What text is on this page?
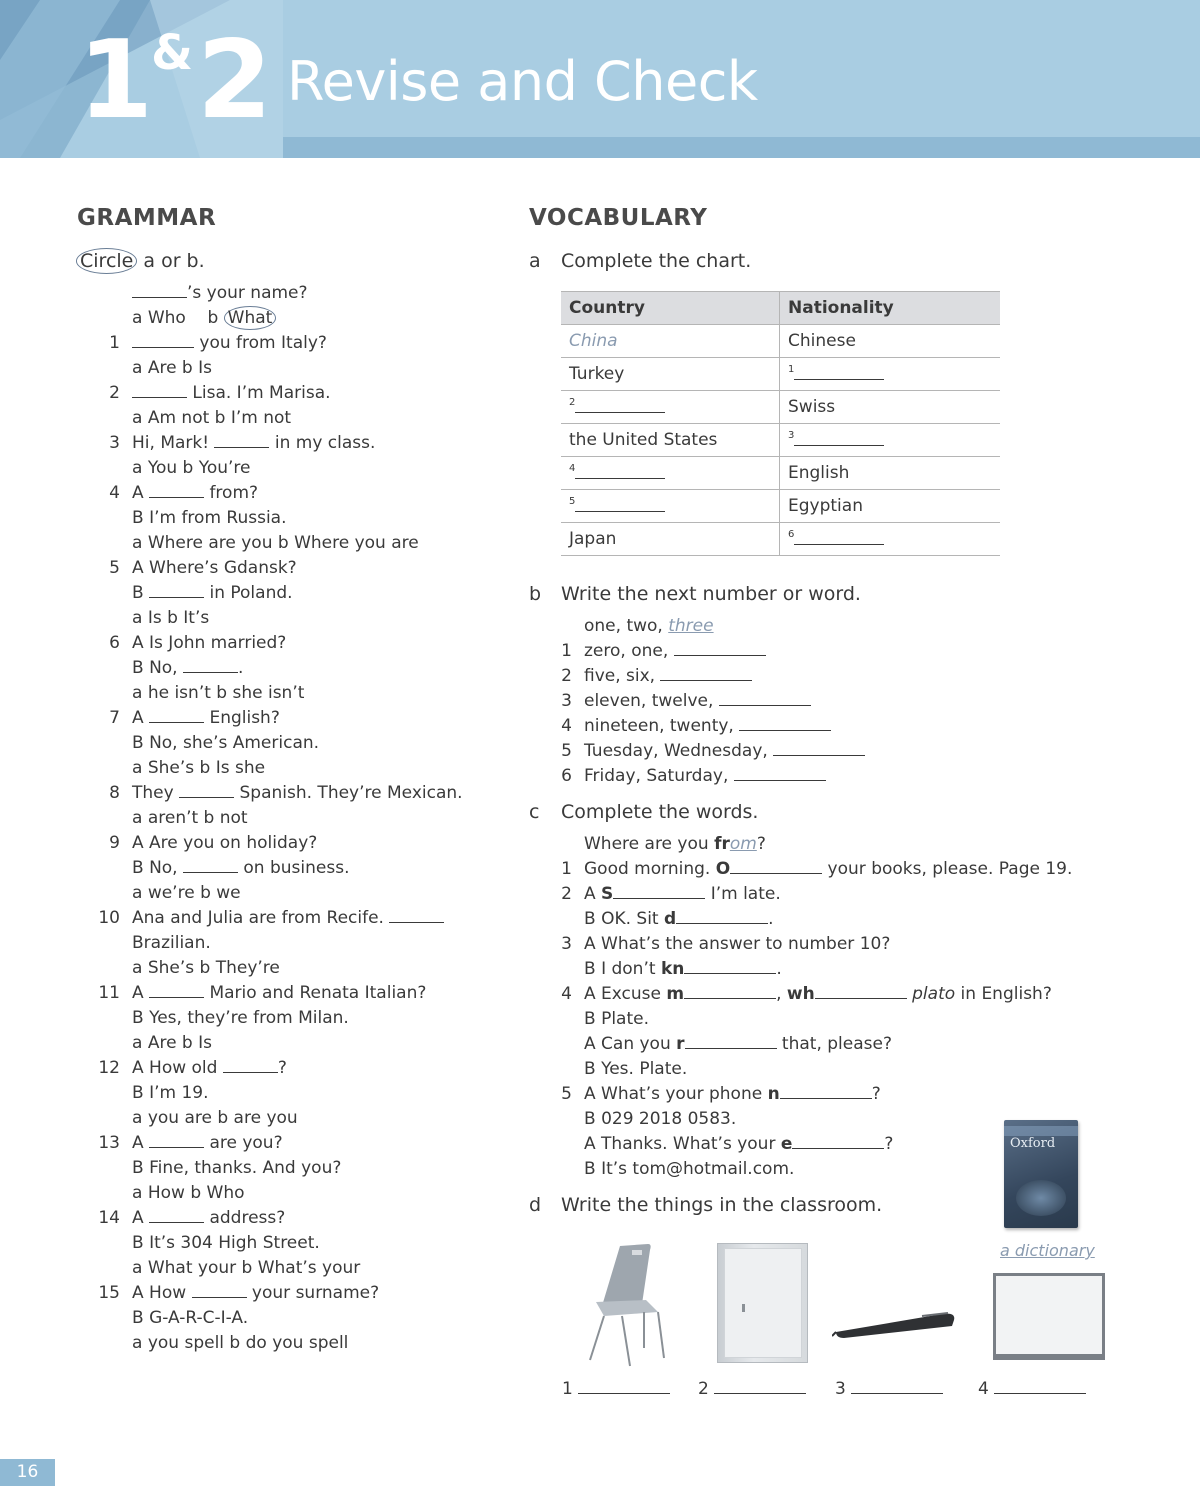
1&2 Revise and Check
GRAMMAR
Circle a or b.
’s your name?
a Who b What
1	you from Italy?
a Are b Is
2	Lisa. I’m Marisa.
a Am not b I’m not
3 Hi, Mark!	in my class.
a You b You’re
4 A	from?
B I’m from Russia.
a Where are you b Where you are
5 A Where’s Gdansk?
B	in Poland.
a Is b It’s
6 A Is John married?
B No,	.
a he isn’t b she isn’t
7 A	English?
B No, she’s American.
a She’s b Is she
8 They	Spanish. They’re Mexican.
a aren’t b not
9 A Are you on holiday?
B No,	on business.
a we’re b we
10 Ana and Julia are from Recife.
Brazilian.
a She’s b They’re
11 A	Mario and Renata Italian?
B Yes, they’re from Milan.
a Are b Is
12 A How old	?
B I’m 19.
a you are b are you
13 A	are you?
B Fine, thanks. And you?
a How b Who
14 A	address?
B It’s 304 High Street.
a What your b What’s your
15 A How	your surname?
B G-A-R-C-I-A.
a you spell b do you spell
VOCABULARY
a Complete the chart.
Country	Nationality
China	Chinese
Turkey	$^1$
$^2$	Swiss
the United States	$^3$
$^4$	English
$^5$	Egyptian
Japan	$^6$
b Write the next number or word.
one, two, three
1 zero, one,
2 five, six,
3 eleven, twelve,
4 nineteen, twenty,
5 Tuesday, Wednesday,
6 Friday, Saturday,
c Complete the words.
Where are you from?
1 Good morning. O	your books, please. Page 19.
2 A S	I’m late.
B OK. Sit d	.
3 A What’s the answer to number 10?
B I don’t kn	.
4 A Excuse m	, wh	plato in English?
B Plate.
A Can you r	that, please?
B Yes. Plate.
5 A What’s your phone n	?
B 029 2018 0583.
A Thanks. What’s your e	?
B It’s tom@hotmail.com.
d Write the things in the classroom.
Oxford
a dictionary
1	2	3	4
16
